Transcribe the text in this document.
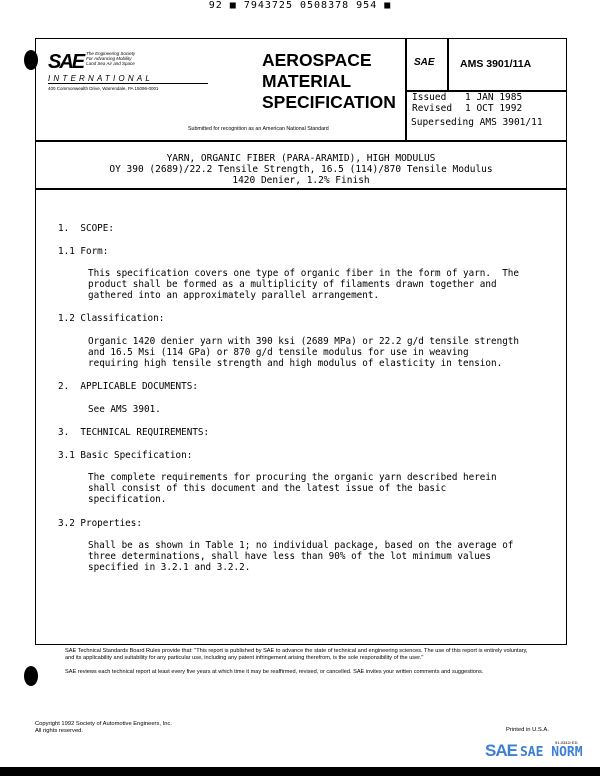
92 ■ 7943725 0508378 954 ■
SAE The Engineering Society
For Advancing Mobility
Land Sea Air and Space
INTERNATIONAL
400 Commonwealth Drive, Warrendale, PA 15096-0001
AEROSPACE
MATERIAL
SPECIFICATION
Submitted for recognition as an American National Standard
SAE AMS 3901/11A
Issued 1 JAN 1985
Revised 1 OCT 1992
Superseding AMS 3901/11
YARN, ORGANIC FIBER (PARA-ARAMID), HIGH MODULUS
OY 390 (2689)/22.2 Tensile Strength, 16.5 (114)/870 Tensile Modulus
1420 Denier, 1.2% Finish
1.  SCOPE:
1.1 Form:
This specification covers one type of organic fiber in the form of yarn.  The
product shall be formed as a multiplicity of filaments drawn together and
gathered into an approximately parallel arrangement.
1.2 Classification:
Organic 1420 denier yarn with 390 ksi (2689 MPa) or 22.2 g/d tensile strength
and 16.5 Msi (114 GPa) or 870 g/d tensile modulus for use in weaving
requiring high tensile strength and high modulus of elasticity in tension.
2.  APPLICABLE DOCUMENTS:
See AMS 3901.
3.  TECHNICAL REQUIREMENTS:
3.1 Basic Specification:
The complete requirements for procuring the organic yarn described herein
shall consist of this document and the latest issue of the basic
specification.
3.2 Properties:
Shall be as shown in Table 1; no individual package, based on the average of
three determinations, shall have less than 90% of the lot minimum values
specified in 3.2.1 and 3.2.2.

SAE Technical Standards Board Rules provide that: "This report is published by SAE to advance the state of technical and engineering sciences. The use of this report is entirely voluntary, and its applicability and suitability for any particular use, including any patent infringement arising therefrom, is the sole responsibility of the user."

SAE reviews each technical report at least every five years at which time it may be reaffirmed, revised, or cancelled. SAE invites your written comments and suggestions.

Copyright 1992 Society of Automotive Engineers, Inc.
All rights reserved.	Printed in U.S.A.
91-0342/ ED
SAE SAE NORM
